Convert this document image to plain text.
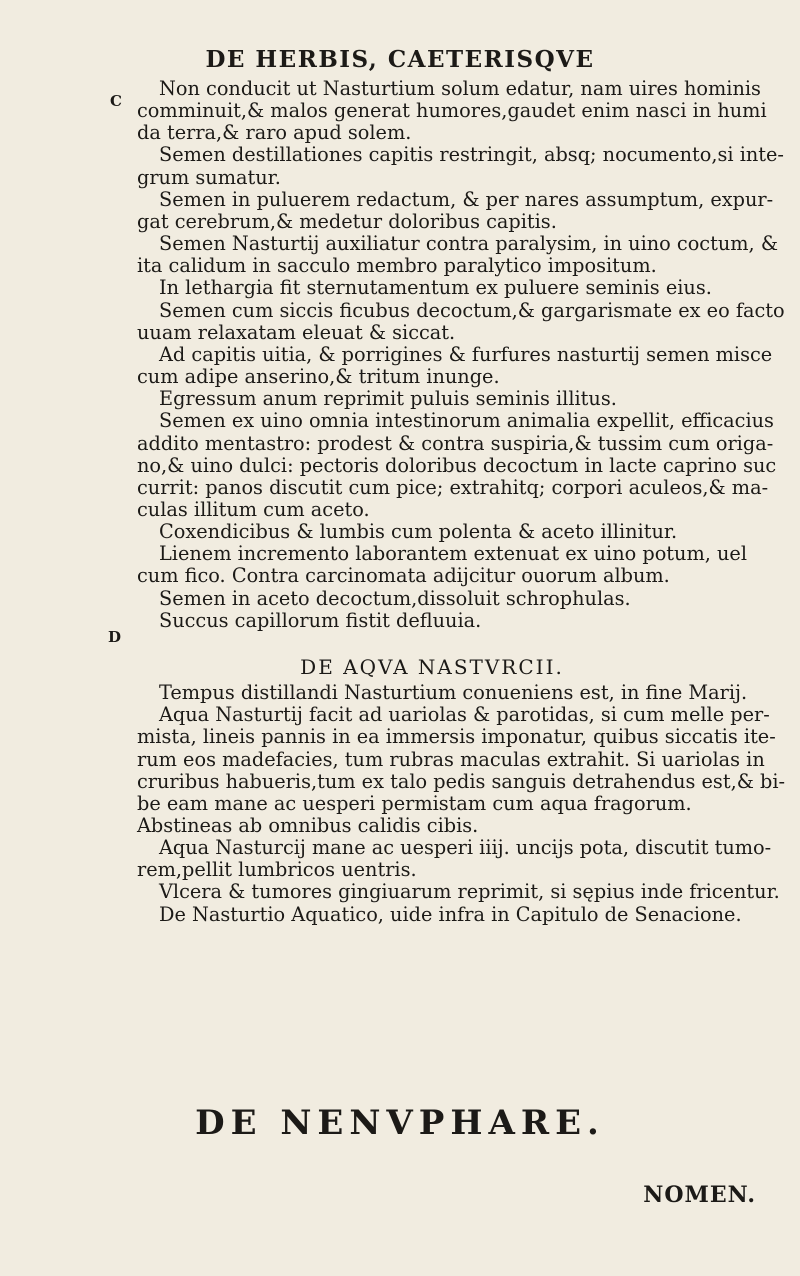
DE HERBIS, CAETERISQVE
C
D

Non conducit ut Nasturtium solum edatur, nam uires hominis comminuit,& malos generat humores,gaudet enim nasci in humi da terra,& raro apud solem.

Semen destillationes capitis restringit, absq; nocumento,si inte- grum sumatur.

Semen in puluerem redactum, & per nares assumptum, expur- gat cerebrum,& medetur doloribus capitis.

Semen Nasturtij auxiliatur contra paralysim, in uino coctum, & ita calidum in sacculo membro paralytico impositum.

In lethargia fit sternutamentum ex puluere seminis eius.

Semen cum siccis ficubus decoctum,& gargarismate ex eo facto uuam relaxatam eleuat & siccat.

Ad capitis uitia, & porrigines & furfures nasturtij semen misce cum adipe anserino,& tritum inunge.

Egressum anum reprimit puluis seminis illitus.

Semen ex uino omnia intestinorum animalia expellit, efficacius addito mentastro: prodest & contra suspiria,& tussim cum origa- no,& uino dulci: pectoris doloribus decoctum in lacte caprino suc currit: panos discutit cum pice; extrahitq; corpori aculeos,& ma- culas illitum cum aceto.

Coxendicibus & lumbis cum polenta & aceto illinitur.

Lienem incremento laborantem extenuat ex uino potum, uel cum fico. Contra carcinomata adijcitur ouorum album.

Semen in aceto decoctum,dissoluit schrophulas.

Succus capillorum fistit defluuia.

DE AQVA NASTVRCII.

Tempus distillandi Nasturtium conueniens est, in fine Marij.

Aqua Nasturtij facit ad uariolas & parotidas, si cum melle per- mista, lineis pannis in ea immersis imponatur, quibus siccatis ite- rum eos madefacies, tum rubras maculas extrahit. Si uariolas in cruribus habueris,tum ex talo pedis sanguis detrahendus est,& bi- be eam mane ac uesperi permistam cum aqua fragorum. Abstineas ab omnibus calidis cibis.

Aqua Nasturcij mane ac uesperi iiij. uncijs pota, discutit tumo- rem,pellit lumbricos uentris.

Vlcera & tumores gingiuarum reprimit, si sępius inde fricentur.

De Nasturtio Aquatico, uide infra in Capitulo de Senacione.

DE NENVPHARE.
NOMEN.
